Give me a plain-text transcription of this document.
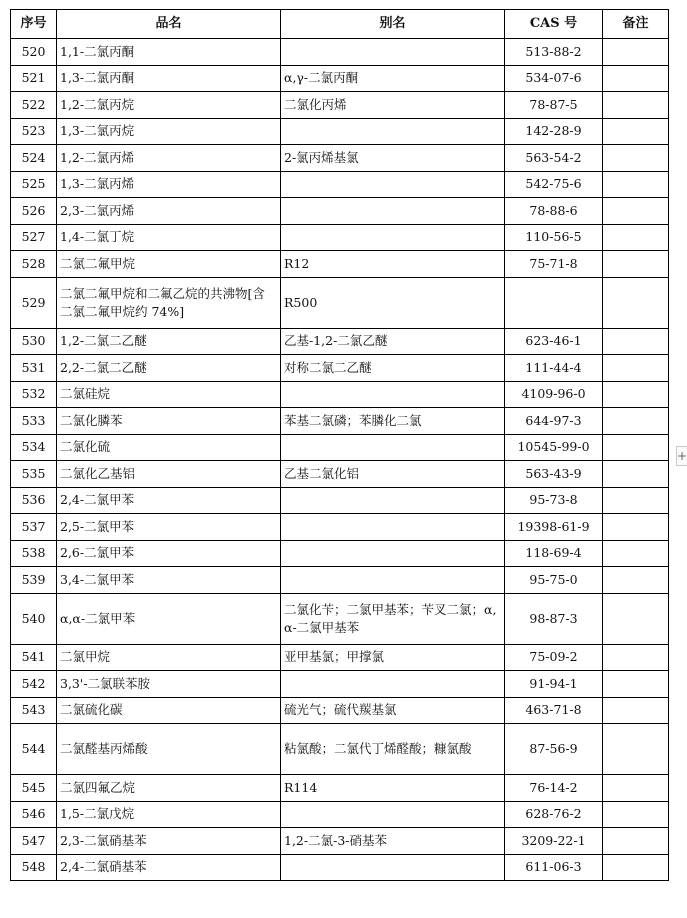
序号	品名	别名	CAS 号	备注
520	1,1-二氯丙酮		513-88-2	
521	1,3-二氯丙酮	α,γ-二氯丙酮	534-07-6	
522	1,2-二氯丙烷	二氯化丙烯	78-87-5	
523	1,3-二氯丙烷		142-28-9	
524	1,2-二氯丙烯	2-氯丙烯基氯	563-54-2	
525	1,3-二氯丙烯		542-75-6	
526	2,3-二氯丙烯		78-88-6	
527	1,4-二氯丁烷		110-56-5	
528	二氯二氟甲烷	R12	75-71-8	
529	二氯二氟甲烷和二氟乙烷的共沸物[含二氯二氟甲烷约 74%]	R500		
530	1,2-二氯二乙醚	乙基-1,2-二氯乙醚	623-46-1	
531	2,2-二氯二乙醚	对称二氯二乙醚	111-44-4	
532	二氯硅烷		4109-96-0	
533	二氯化膦苯	苯基二氯磷；苯膦化二氯	644-97-3	
534	二氯化硫		10545-99-0	
535	二氯化乙基铝	乙基二氯化铝	563-43-9	
536	2,4-二氯甲苯		95-73-8	
537	2,5-二氯甲苯		19398-61-9	
538	2,6-二氯甲苯		118-69-4	
539	3,4-二氯甲苯		95-75-0	
540	α,α-二氯甲苯	二氯化苄；二氯甲基苯；苄叉二氯；α,α-二氯甲基苯	98-87-3	
541	二氯甲烷	亚甲基氯；甲撑氯	75-09-2	
542	3,3'-二氯联苯胺		91-94-1	
543	二氯硫化碳	硫光气；硫代羰基氯	463-71-8	
544	二氯醛基丙烯酸	粘氯酸；二氯代丁烯醛酸；糠氯酸	87-56-9	
545	二氯四氟乙烷	R114	76-14-2	
546	1,5-二氯戊烷		628-76-2	
547	2,3-二氯硝基苯	1,2-二氯-3-硝基苯	3209-22-1	
548	2,4-二氯硝基苯		611-06-3	
+
